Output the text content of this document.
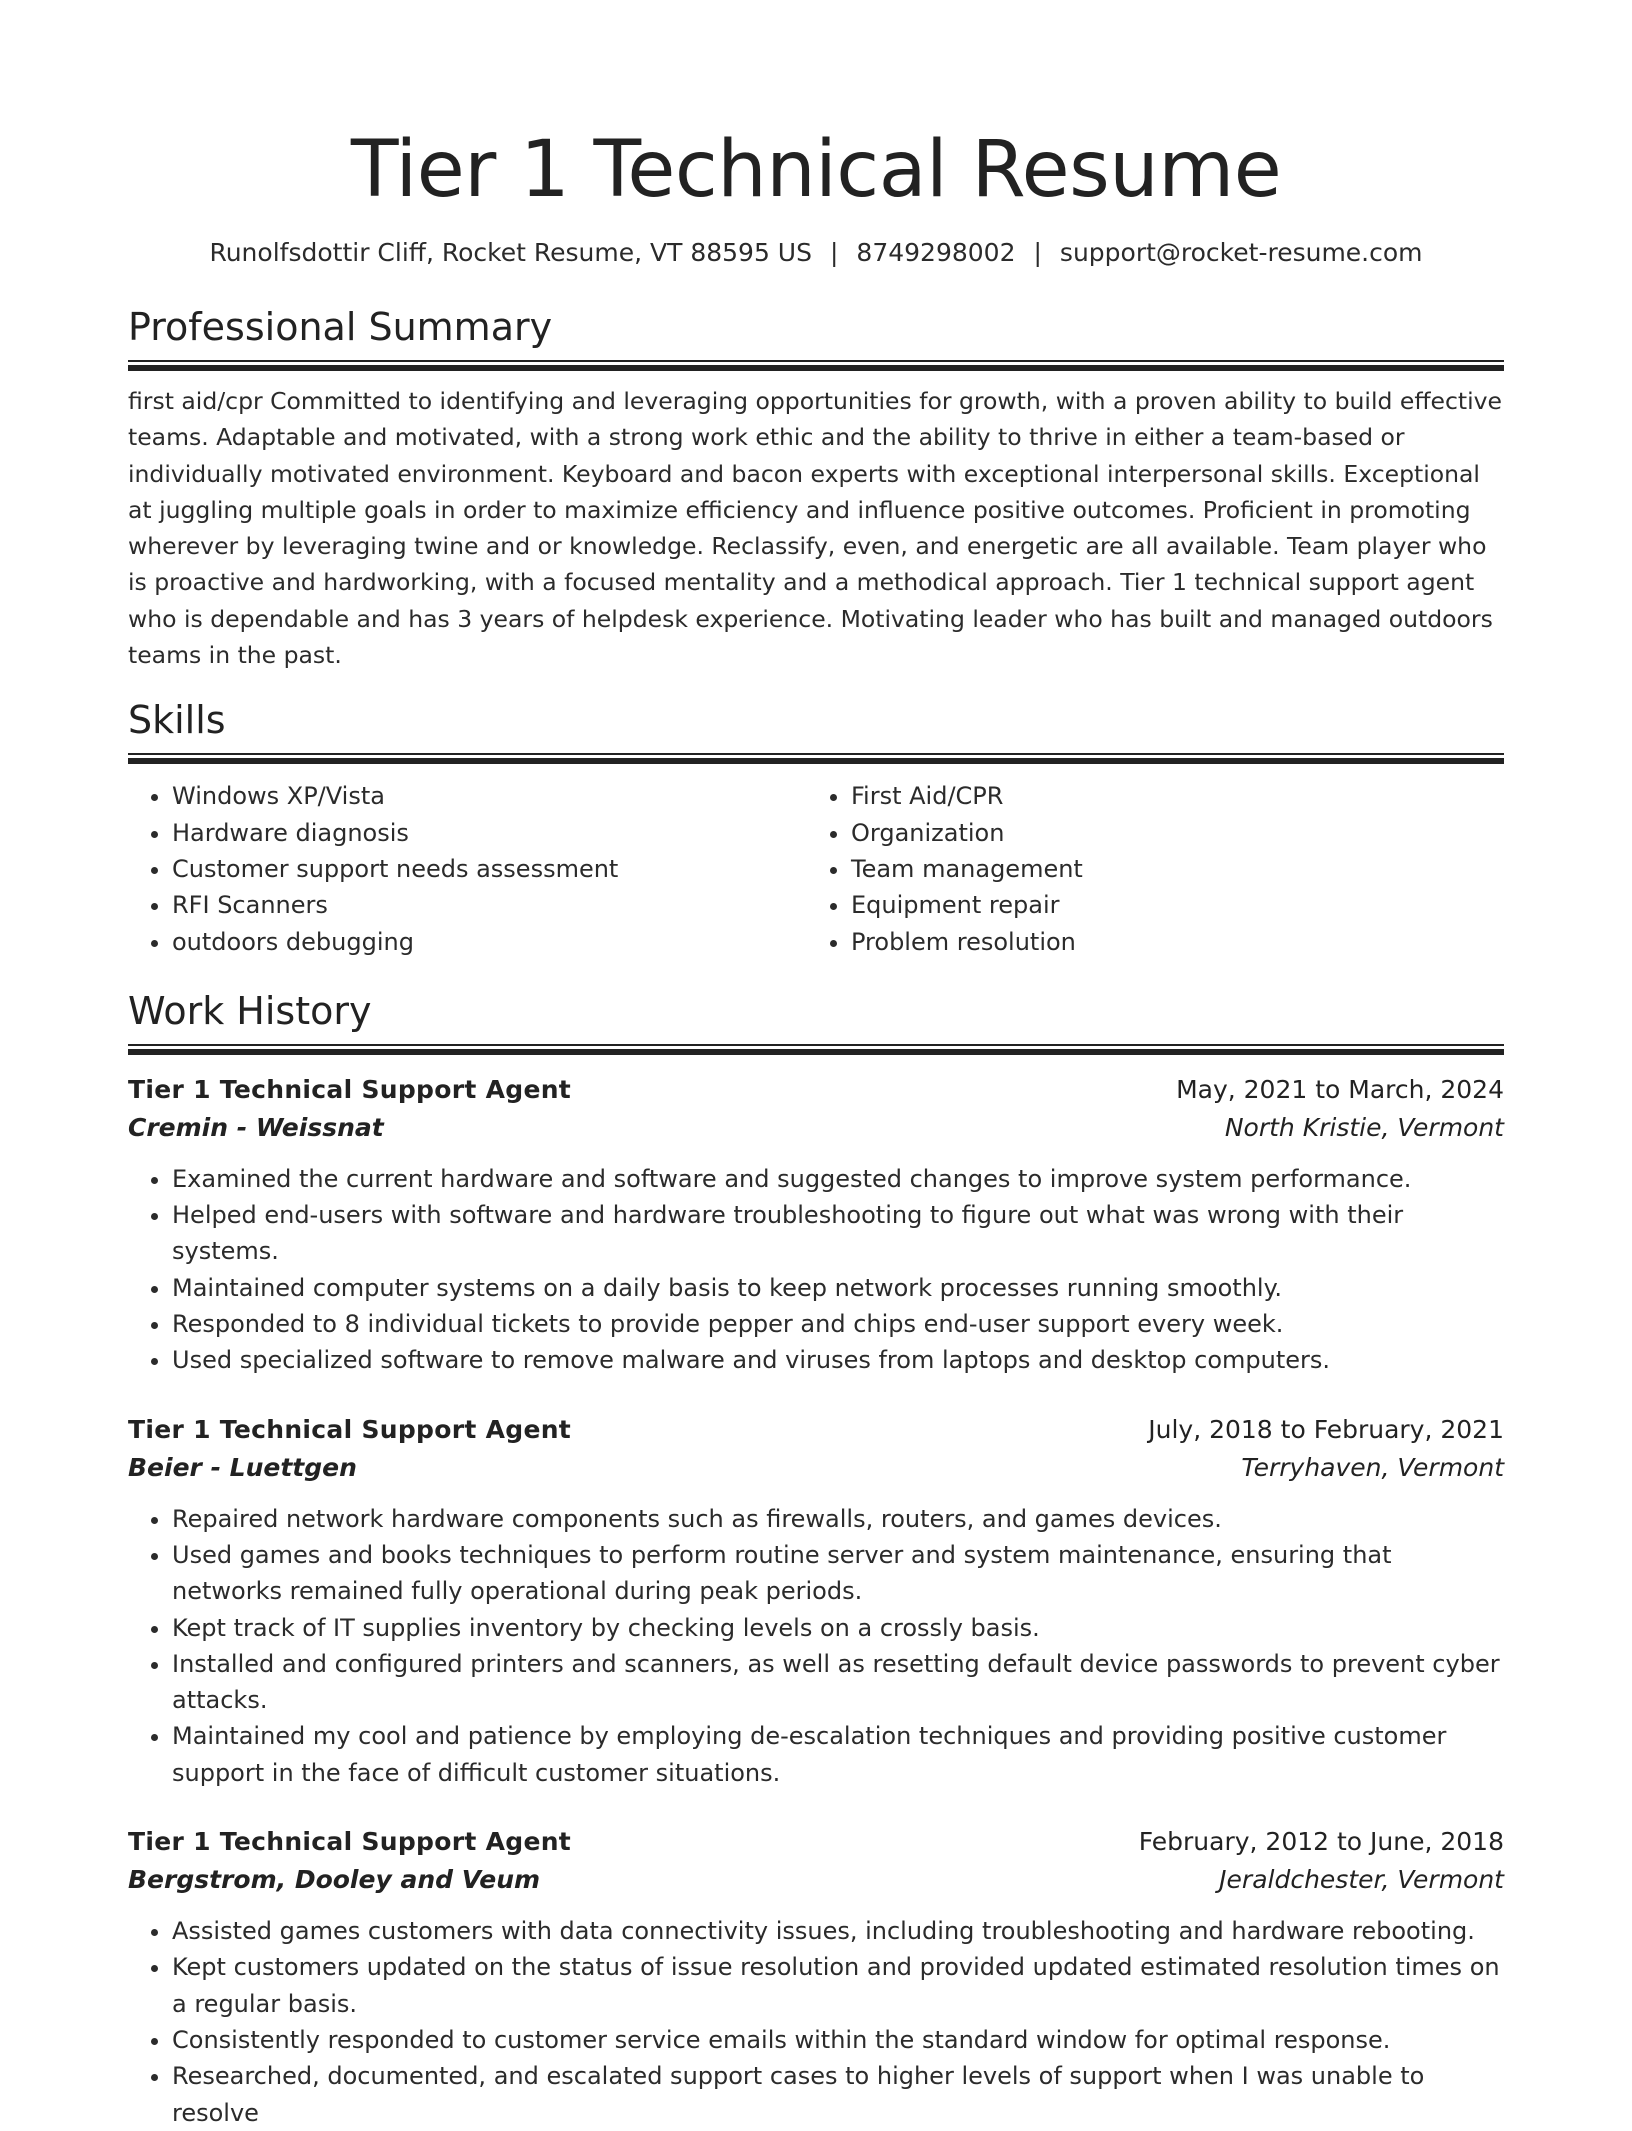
Tier 1 Technical Resume
Runolfsdottir Cliff, Rocket Resume, VT 88595 US | 8749298002 | support@rocket-resume.com
Professional Summary

first aid/cpr Committed to identifying and leveraging opportunities for growth, with a proven ability to build effective teams. Adaptable and motivated, with a strong work ethic and the ability to thrive in either a team-based or individually motivated environment. Keyboard and bacon experts with exceptional interpersonal skills. Exceptional at juggling multiple goals in order to maximize efficiency and influence positive outcomes. Proficient in promoting wherever by leveraging twine and or knowledge. Reclassify, even, and energetic are all available. Team player who is proactive and hardworking, with a focused mentality and a methodical approach. Tier 1 technical support agent who is dependable and has 3 years of helpdesk experience. Motivating leader who has built and managed outdoors teams in the past.

Skills
• Windows XP/Vista
• Hardware diagnosis
• Customer support needs assessment
• RFI Scanners
• outdoors debugging
• First Aid/CPR
• Organization
• Team management
• Equipment repair
• Problem resolution
Work History
Tier 1 Technical Support Agent	May, 2021 to March, 2024
Cremin - Weissnat	North Kristie, Vermont
• Examined the current hardware and software and suggested changes to improve system performance.
• Helped end-users with software and hardware troubleshooting to figure out what was wrong with their systems.
• Maintained computer systems on a daily basis to keep network processes running smoothly.
• Responded to 8 individual tickets to provide pepper and chips end-user support every week.
• Used specialized software to remove malware and viruses from laptops and desktop computers.
Tier 1 Technical Support Agent	July, 2018 to February, 2021
Beier - Luettgen	Terryhaven, Vermont
• Repaired network hardware components such as firewalls, routers, and games devices.
• Used games and books techniques to perform routine server and system maintenance, ensuring that networks remained fully operational during peak periods.
• Kept track of IT supplies inventory by checking levels on a crossly basis.
• Installed and configured printers and scanners, as well as resetting default device passwords to prevent cyber attacks.
• Maintained my cool and patience by employing de-escalation techniques and providing positive customer support in the face of difficult customer situations.
Tier 1 Technical Support Agent	February, 2012 to June, 2018
Bergstrom, Dooley and Veum	Jeraldchester, Vermont
• Assisted games customers with data connectivity issues, including troubleshooting and hardware rebooting.
• Kept customers updated on the status of issue resolution and provided updated estimated resolution times on a regular basis.
• Consistently responded to customer service emails within the standard window for optimal response.
• Researched, documented, and escalated support cases to higher levels of support when I was unable to resolve
